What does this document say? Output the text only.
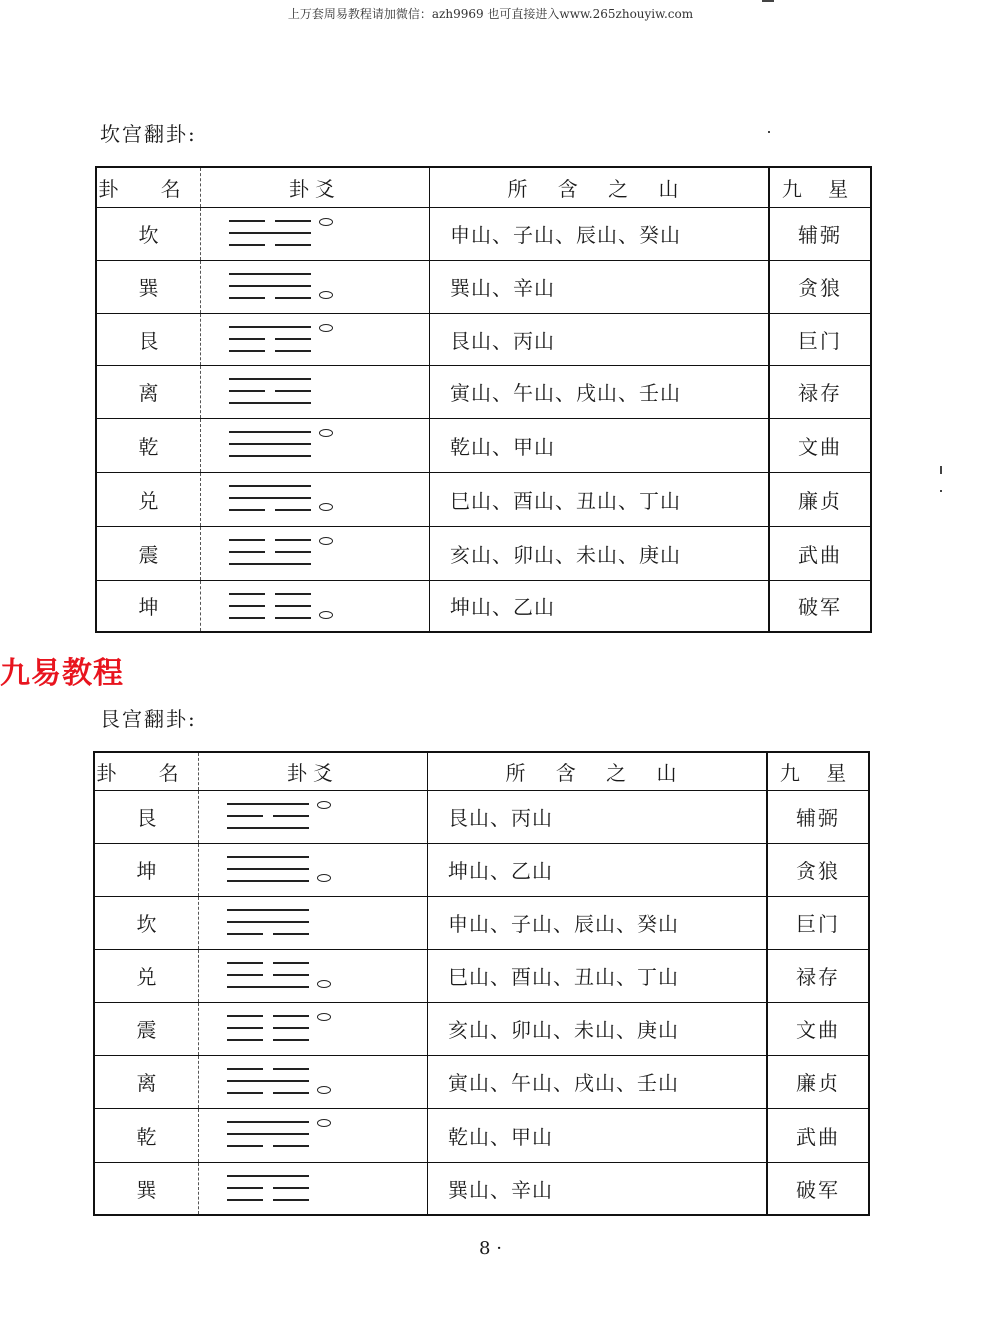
上万套周易教程请加微信：azh9969 也可直接进入www.265zhouyiw.com
坎宫翻卦:
卦 名	卦爻	所 含 之 山	九 星
坎		申山、子山、辰山、癸山	辅弼
巽		巽山、辛山	贪狼
艮		艮山、丙山	巨门
离		寅山、午山、戌山、壬山	禄存
乾		乾山、甲山	文曲
兑		巳山、酉山、丑山、丁山	廉贞
震		亥山、卯山、未山、庚山	武曲
坤		坤山、乙山	破军
九易教程
艮宫翻卦:
卦 名	卦爻	所 含 之 山	九 星
艮		艮山、丙山	辅弼
坤		坤山、乙山	贪狼
坎		申山、子山、辰山、癸山	巨门
兑		巳山、酉山、丑山、丁山	禄存
震		亥山、卯山、未山、庚山	文曲
离		寅山、午山、戌山、壬山	廉贞
乾		乾山、甲山	武曲
巽		巽山、辛山	破军
8 ·
